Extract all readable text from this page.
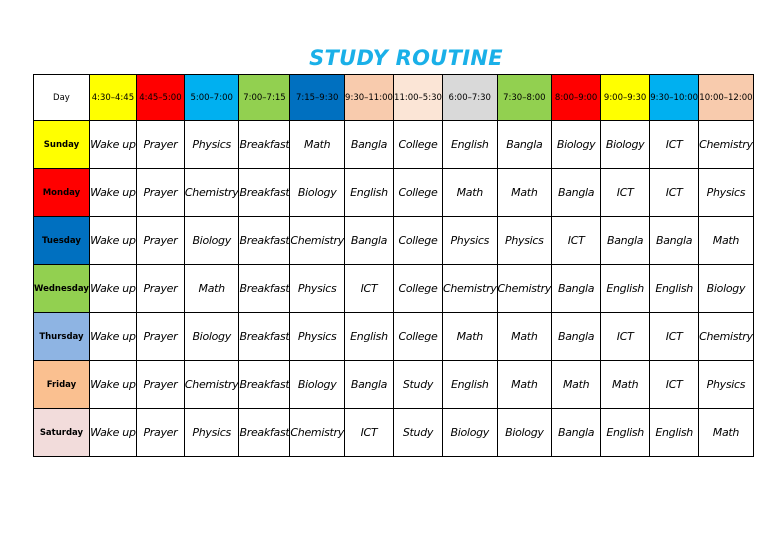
STUDY ROUTINE
Day	4:30–4:45	4:45–5:00	5:00–7:00	7:00–7:15	7:15–9:30	9:30–11:00	11:00–5:30	6:00–7:30	7:30–8:00	8:00–9:00	9:00–9:30	9:30–10:00	10:00–12:00
Sunday	Wake up	Prayer	Physics	Breakfast	Math	Bangla	College	English	Bangla	Biology	Biology	ICT	Chemistry
Monday	Wake up	Prayer	Chemistry	Breakfast	Biology	English	College	Math	Math	Bangla	ICT	ICT	Physics
Tuesday	Wake up	Prayer	Biology	Breakfast	Chemistry	Bangla	College	Physics	Physics	ICT	Bangla	Bangla	Math
Wednesday	Wake up	Prayer	Math	Breakfast	Physics	ICT	College	Chemistry	Chemistry	Bangla	English	English	Biology
Thursday	Wake up	Prayer	Biology	Breakfast	Physics	English	College	Math	Math	Bangla	ICT	ICT	Chemistry
Friday	Wake up	Prayer	Chemistry	Breakfast	Biology	Bangla	Study	English	Math	Math	Math	ICT	Physics
Saturday	Wake up	Prayer	Physics	Breakfast	Chemistry	ICT	Study	Biology	Biology	Bangla	English	English	Math
